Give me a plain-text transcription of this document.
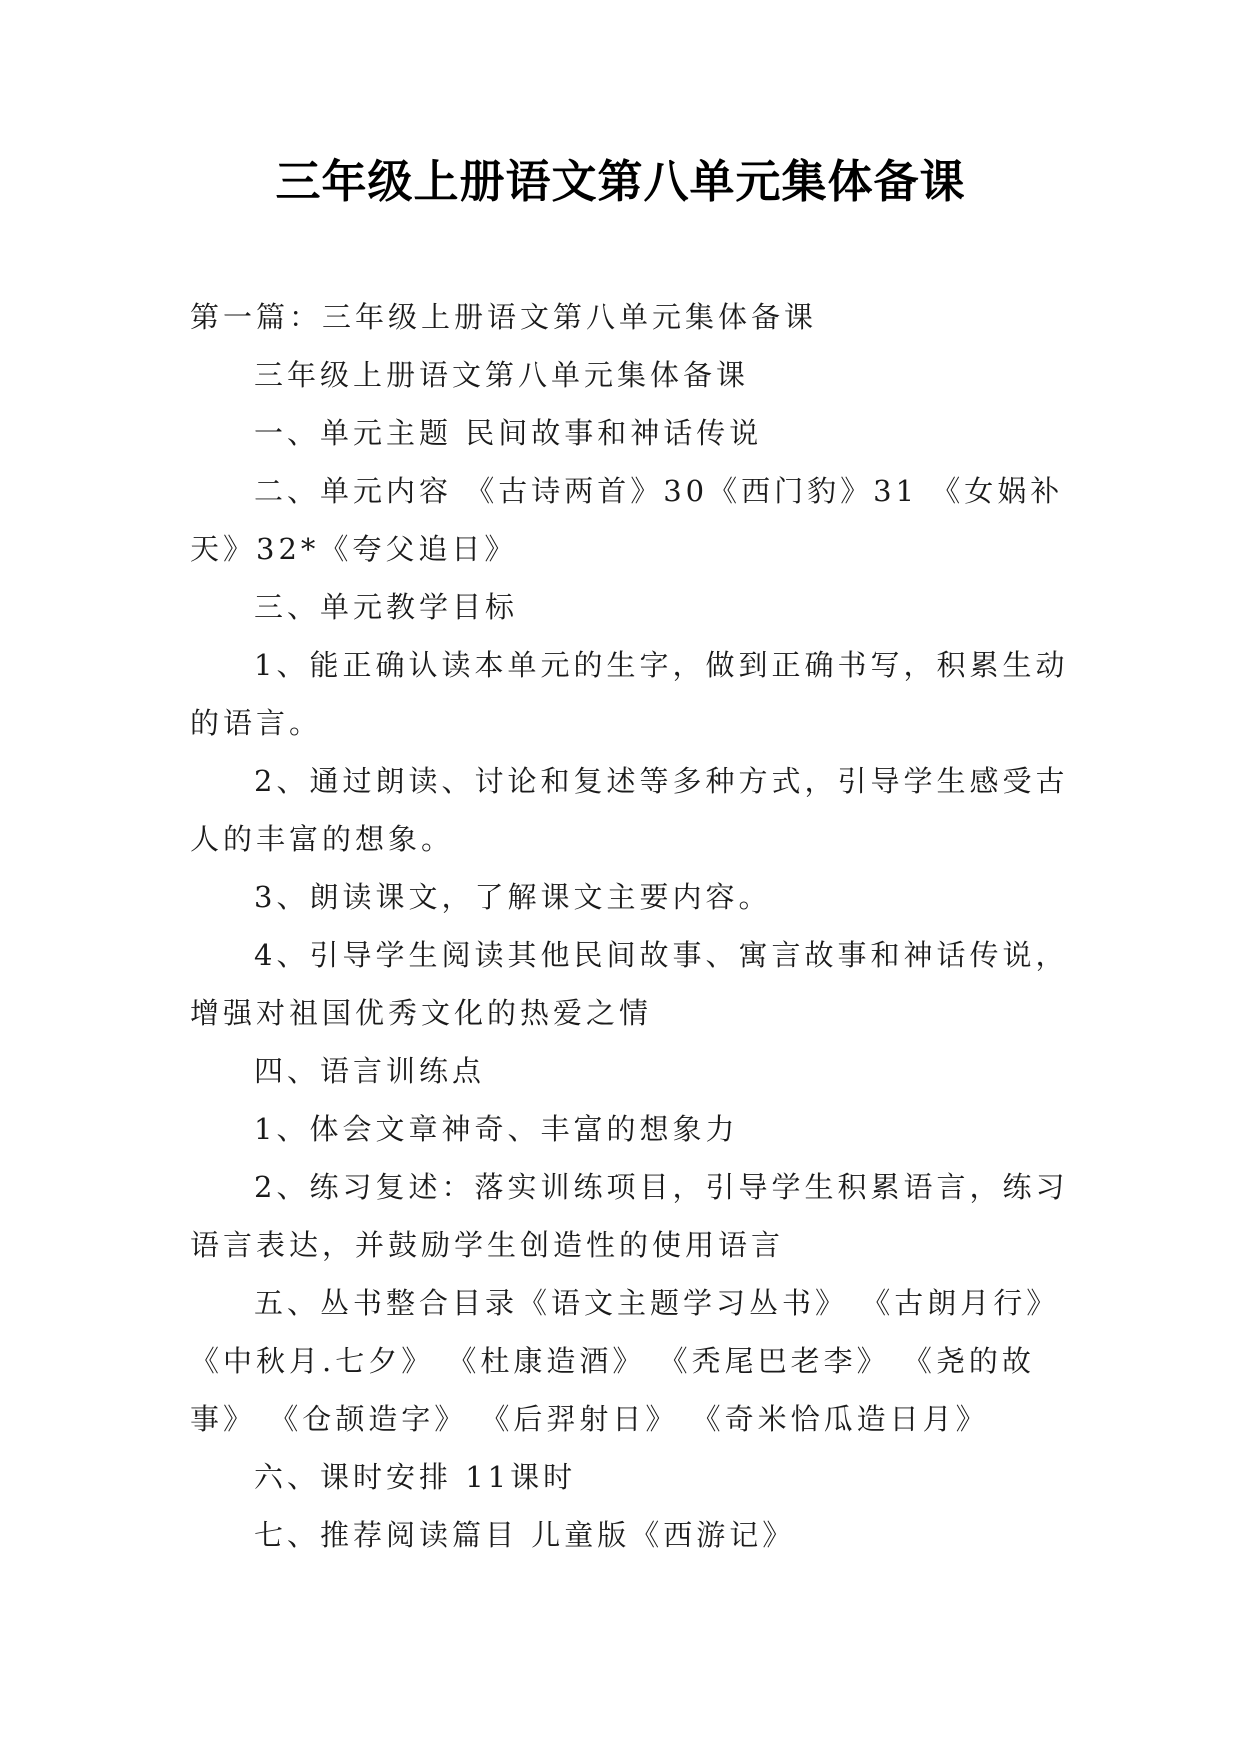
三年级上册语文第八单元集体备课

第一篇：三年级上册语文第八单元集体备课

三年级上册语文第八单元集体备课

一、单元主题 民间故事和神话传说

二、单元内容 《古诗两首》30《西门豹》31 《女娲补天》32*《夸父追日》

三、单元教学目标

1、能正确认读本单元的生字，做到正确书写，积累生动的语言。

2、通过朗读、讨论和复述等多种方式，引导学生感受古人的丰富的想象。

3、朗读课文，了解课文主要内容。

4、引导学生阅读其他民间故事、寓言故事和神话传说，增强对祖国优秀文化的热爱之情

四、语言训练点

1、体会文章神奇、丰富的想象力

2、练习复述：落实训练项目，引导学生积累语言，练习语言表达，并鼓励学生创造性的使用语言

五、丛书整合目录《语文主题学习丛书》 《古朗月行》《中秋月.七夕》 《杜康造酒》 《秃尾巴老李》 《尧的故事》 《仓颉造字》 《后羿射日》 《奇米恰瓜造日月》

六、课时安排 11课时

七、推荐阅读篇目 儿童版《西游记》
